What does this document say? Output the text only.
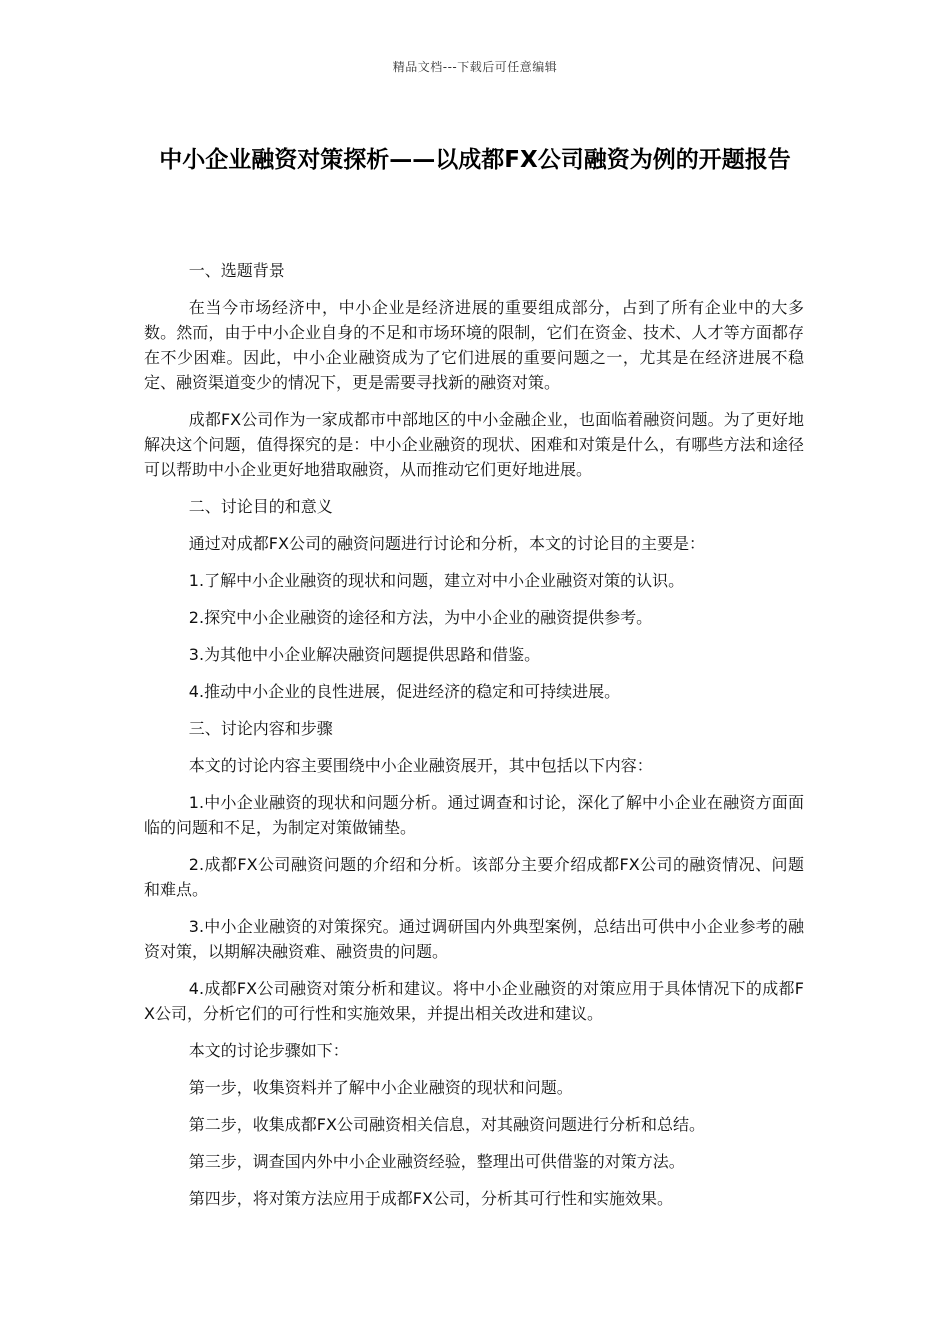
精品文档---下载后可任意编辑
中小企业融资对策探析——以成都FX公司融资为例的开题报告

一、选题背景

在当今市场经济中，中小企业是经济进展的重要组成部分，占到了所有企业中的大多数。然而，由于中小企业自身的不足和市场环境的限制，它们在资金、技术、人才等方面都存在不少困难。因此，中小企业融资成为了它们进展的重要问题之一，尤其是在经济进展不稳定、融资渠道变少的情况下，更是需要寻找新的融资对策。

成都FX公司作为一家成都市中部地区的中小金融企业，也面临着融资问题。为了更好地解决这个问题，值得探究的是：中小企业融资的现状、困难和对策是什么，有哪些方法和途径可以帮助中小企业更好地猎取融资，从而推动它们更好地进展。

二、讨论目的和意义

通过对成都FX公司的融资问题进行讨论和分析，本文的讨论目的主要是：

1.了解中小企业融资的现状和问题，建立对中小企业融资对策的认识。

2.探究中小企业融资的途径和方法，为中小企业的融资提供参考。

3.为其他中小企业解决融资问题提供思路和借鉴。

4.推动中小企业的良性进展，促进经济的稳定和可持续进展。

三、讨论内容和步骤

本文的讨论内容主要围绕中小企业融资展开，其中包括以下内容：

1.中小企业融资的现状和问题分析。通过调查和讨论，深化了解中小企业在融资方面面临的问题和不足，为制定对策做铺垫。

2.成都FX公司融资问题的介绍和分析。该部分主要介绍成都FX公司的融资情况、问题和难点。

3.中小企业融资的对策探究。通过调研国内外典型案例，总结出可供中小企业参考的融资对策，以期解决融资难、融资贵的问题。

4.成都FX公司融资对策分析和建议。将中小企业融资的对策应用于具体情况下的成都FX公司，分析它们的可行性和实施效果，并提出相关改进和建议。

本文的讨论步骤如下：

第一步，收集资料并了解中小企业融资的现状和问题。

第二步，收集成都FX公司融资相关信息，对其融资问题进行分析和总结。

第三步，调查国内外中小企业融资经验，整理出可供借鉴的对策方法。

第四步，将对策方法应用于成都FX公司，分析其可行性和实施效果。
